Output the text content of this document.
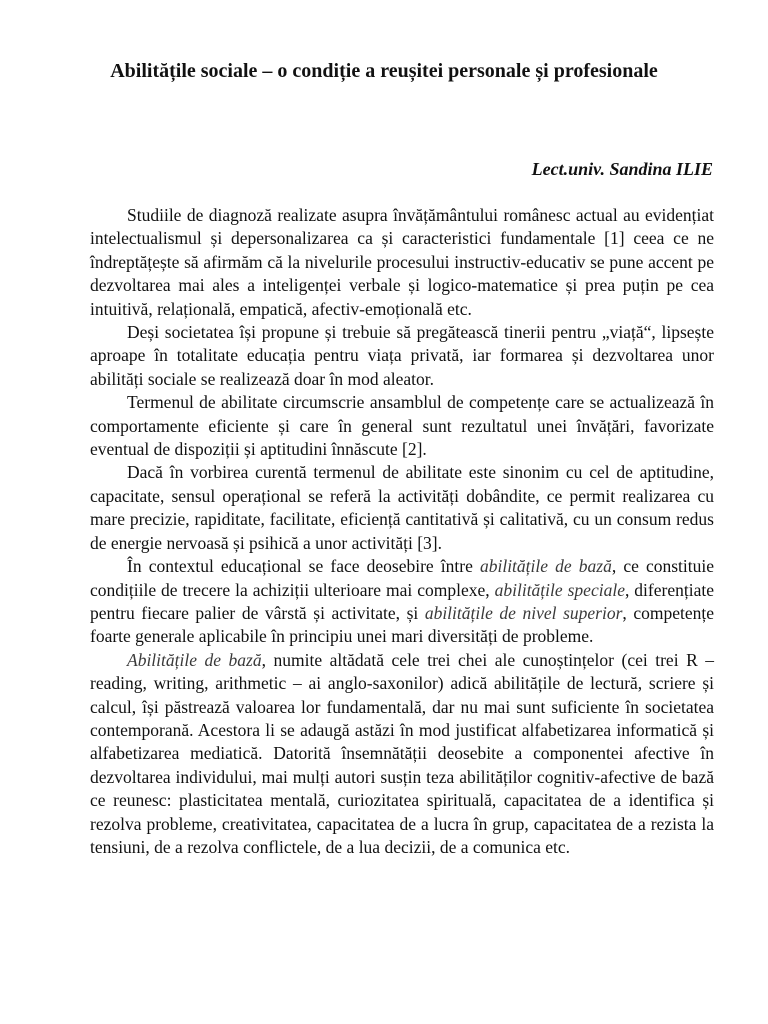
Abilitățile sociale – o condiție a reușitei personale și profesionale

Lect.univ. Sandina ILIE

Studiile de diagnoză realizate asupra învățământului românesc actual au evidențiat intelectualismul și depersonalizarea ca și caracteristici fundamentale [1] ceea ce ne îndreptățește să afirmăm că la nivelurile procesului instructiv-educativ se pune accent pe dezvoltarea mai ales a inteligenței verbale și logico-matematice și prea puțin pe cea intuitivă, relațională, empatică, afectiv-emoțională etc.

Deși societatea își propune și trebuie să pregătească tinerii pentru „viață“, lipsește aproape în totalitate educația pentru viața privată, iar formarea și dezvoltarea unor abilități sociale se realizează doar în mod aleator.

Termenul de abilitate circumscrie ansamblul de competențe care se actualizează în comportamente eficiente și care în general sunt rezultatul unei învățări, favorizate eventual de dispoziții și aptitudini înnăscute [2].

Dacă în vorbirea curentă termenul de abilitate este sinonim cu cel de aptitudine, capacitate, sensul operațional se referă la activități dobândite, ce permit realizarea cu mare precizie, rapiditate, facilitate, eficiență cantitativă și calitativă, cu un consum redus de energie nervoasă și psihică a unor activități [3].

În contextul educațional se face deosebire între abilitățile de bază, ce constituie condițiile de trecere la achiziții ulterioare mai complexe, abilitățile speciale, diferențiate pentru fiecare palier de vârstă și activitate, și abilitățile de nivel superior, competențe foarte generale aplicabile în principiu unei mari diversități de probleme.

Abilitățile de bază, numite altădată cele trei chei ale cunoștințelor (cei trei R – reading, writing, arithmetic – ai anglo-saxonilor) adică abilitățile de lectură, scriere și calcul, își păstrează valoarea lor fundamentală, dar nu mai sunt suficiente în societatea contemporană. Acestora li se adaugă astăzi în mod justificat alfabetizarea informatică și alfabetizarea mediatică. Datorită însemnătății deosebite a componentei afective în dezvoltarea individului, mai mulți autori susțin teza abilităților cognitiv-afective de bază ce reunesc: plasticitatea mentală, curiozitatea spirituală, capacitatea de a identifica și rezolva probleme, creativitatea, capacitatea de a lucra în grup, capacitatea de a rezista la tensiuni, de a rezolva conflictele, de a lua decizii, de a comunica etc.
